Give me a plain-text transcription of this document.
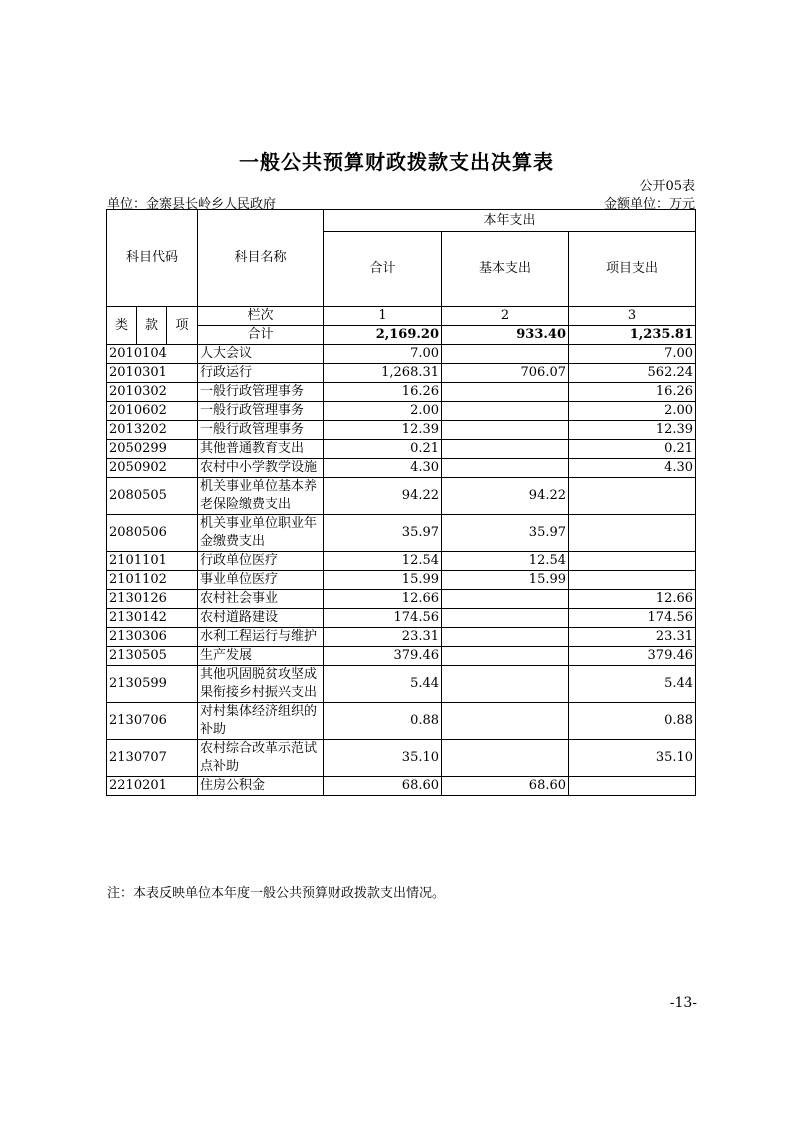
一般公共预算财政拨款支出决算表
公开05表
单位：金寨县长岭乡人民政府	金额单位：万元
科目代码			科目名称	本年支出		
				合计	基本支出	项目支出
类	款	项	栏次	1	2	3
			合计	2,169.20	933.40	1,235.81
2010104			人大会议	7.00		7.00
2010301			行政运行	1,268.31	706.07	562.24
2010302			一般行政管理事务	16.26		16.26
2010602			一般行政管理事务	2.00		2.00
2013202			一般行政管理事务	12.39		12.39
2050299			其他普通教育支出	0.21		0.21
2050902			农村中小学教学设施	4.30		4.30
2080505			机关事业单位基本养老保险缴费支出	94.22	94.22	
2080506			机关事业单位职业年金缴费支出	35.97	35.97	
2101101			行政单位医疗	12.54	12.54	
2101102			事业单位医疗	15.99	15.99	
2130126			农村社会事业	12.66		12.66
2130142			农村道路建设	174.56		174.56
2130306			水利工程运行与维护	23.31		23.31
2130505			生产发展	379.46		379.46
2130599			其他巩固脱贫攻坚成果衔接乡村振兴支出	5.44		5.44
2130706			对村集体经济组织的补助	0.88		0.88
2130707			农村综合改革示范试点补助	35.10		35.10
2210201			住房公积金	68.60	68.60	
注：本表反映单位本年度一般公共预算财政拨款支出情况。
-13-
